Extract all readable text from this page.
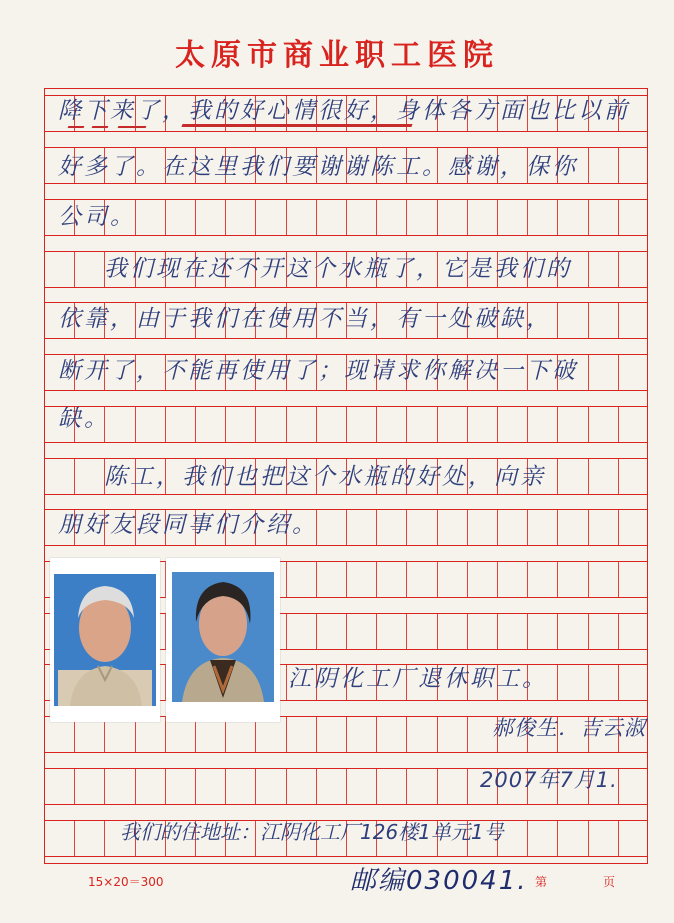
太原市商业职工医院
降下来了，我的好心情很好，身体各方面也比以前
好多了。在这里我们要谢谢陈工。感谢，保你
公司。
我们现在还不开这个水瓶了，它是我们的
依靠，由于我们在使用不当，有一处破缺，
断开了，不能再使用了；现请求你解决一下破
缺。
陈工，我们也把这个水瓶的好处，向亲
朋好友段同事们介绍。
江阴化工厂退休职工。
郝俊生．吉云淑
2007年7月1.
我们的住地址：江阴化工厂126楼1单元1号
邮编030041.
15×20＝300	第　页
